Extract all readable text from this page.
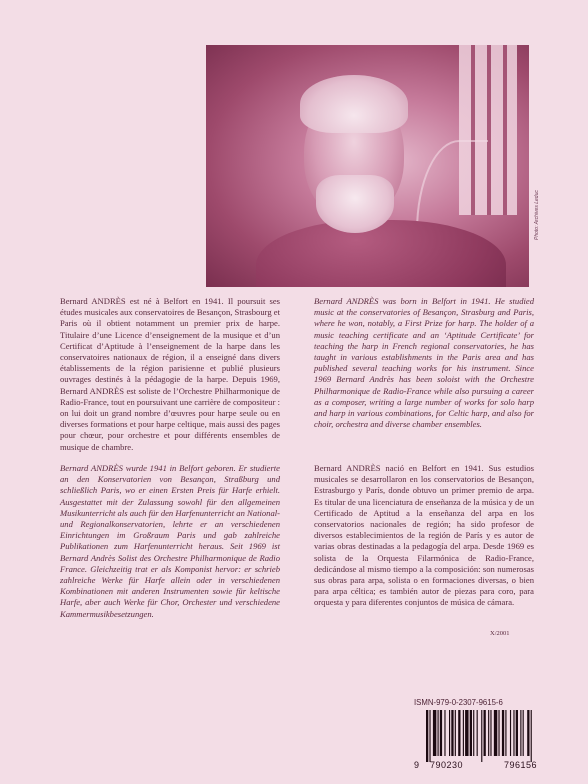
Photo: Archives Leduc
Bernard ANDRÈS est né à Belfort en 1941. Il poursuit ses études musicales aux conservatoires de Besançon, Strasbourg et Paris où il obtient notamment un premier prix de harpe. Titulaire d’une Licence d’enseignement de la musique et d’un Certificat d’Aptitude à l’enseignement de la harpe dans les conservatoires nationaux de région, il a enseigné dans divers établissements de la région parisienne et publié plusieurs ouvrages destinés à la pédagogie de la harpe. Depuis 1969, Bernard ANDRÈS est soliste de l’Orchestre Philharmonique de Radio-France, tout en poursuivant une carrière de compositeur : on lui doit un grand nombre d’œuvres pour harpe seule ou en diverses formations et pour harpe celtique, mais aussi des pages pour chœur, pour orchestre et pour différents ensembles de musique de chambre.
Bernard ANDRÈS was born in Belfort in 1941. He studied music at the conservatories of Besançon, Strasburg and Paris, where he won, notably, a First Prize for harp. The holder of a music teaching certificate and an ‘Aptitude Certificate’ for teaching the harp in French regional conservatories, he has taught in various establishments in the Paris area and has published several teaching works for his instrument. Since 1969 Bernard Andrès has been soloist with the Orchestre Philharmonique de Radio-France while also pursuing a career as a composer, writing a large number of works for solo harp and harp in various combinations, for Celtic harp, and also for choir, orchestra and diverse chamber ensembles.
Bernard ANDRÈS wurde 1941 in Belfort geboren. Er studierte an den Konservatorien von Besançon, Straßburg und schließlich Paris, wo er einen Ersten Preis für Harfe erhielt. Ausgestattet mit der Zulassung sowohl für den allgemeinen Musikunterricht als auch für den Harfenunterricht an National- und Regionalkonservatorien, lehrte er an verschiedenen Einrichtungen im Großraum Paris und gab zahlreiche Publikationen zum Harfenunterricht heraus. Seit 1969 ist Bernard Andrès Solist des Orchestre Philharmonique de Radio France. Gleichzeitig trat er als Komponist hervor: er schrieb zahlreiche Werke für Harfe allein oder in verschiedenen Kombinationen mit anderen Instrumenten sowie für keltische Harfe, aber auch Werke für Chor, Orchester und verschiedene Kammermusikbesetzungen.
Bernard ANDRÈS nació en Belfort en 1941. Sus estudios musicales se desarrollaron en los conservatorios de Besançon, Estrasburgo y París, donde obtuvo un primer premio de arpa. Es titular de una licenciatura de enseñanza de la música y de un Certificado de Aptitud a la enseñanza del arpa en los conservatorios nacionales de región; ha sido profesor de diversos establecimientos de la región de París y es autor de varias obras destinadas a la pedagogía del arpa. Desde 1969 es solista de la Orquesta Filarmónica de Radio-France, dedicándose al mismo tiempo a la composición: son numerosas sus obras para arpa, solista o en formaciones diversas, o bien para arpa céltica; es también autor de piezas para coro, para orquesta y para diferentes conjuntos de música de cámara.
X/2001
ISMN-979-0-2307-9615-6
9 790230	796156
